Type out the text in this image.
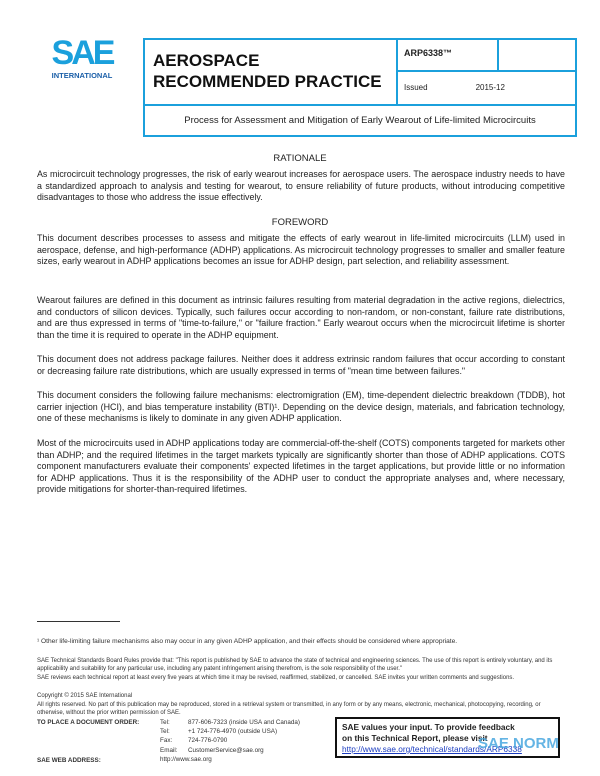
SAE
INTERNATIONAL
AEROSPACE
RECOMMENDED PRACTICE
ARP6338™
Issued	2015-12
Process for Assessment and Mitigation of Early Wearout of Life-limited Microcircuits
RATIONALE
As microcircuit technology progresses, the risk of early wearout increases for aerospace users. The aerospace industry needs to have a standardized approach to analysis and testing for wearout, to ensure reliability of future products, without introducing competitive disadvantages to those who address the issue effectively.
FOREWORD
This document describes processes to assess and mitigate the effects of early wearout in life-limited microcircuits (LLM) used in aerospace, defense, and high-performance (ADHP) applications. As microcircuit technology progresses to smaller and smaller feature sizes, early wearout in ADHP applications becomes an issue for ADHP design, part selection, and reliability assessment.
Wearout failures are defined in this document as intrinsic failures resulting from material degradation in the active regions, dielectrics, and conductors of silicon devices. Typically, such failures occur according to non-random, or non-constant, failure rate distributions, and are thus expressed in terms of "time-to-failure," or "failure fraction." Early wearout occurs when the microcircuit lifetime is shorter than the time it is required to operate in the ADHP equipment.
This document does not address package failures. Neither does it address extrinsic random failures that occur according to constant or decreasing failure rate distributions, which are usually expressed in terms of "mean time between failures."
This document considers the following failure mechanisms: electromigration (EM), time-dependent dielectric breakdown (TDDB), hot carrier injection (HCI), and bias temperature instability (BTI)¹. Depending on the device design, materials, and fabrication technology, one of these mechanisms is likely to dominate in any given ADHP application.
Most of the microcircuits used in ADHP applications today are commercial-off-the-shelf (COTS) components targeted for markets other than ADHP; and the required lifetimes in the target markets typically are significantly shorter than those of ADHP applications. COTS component manufacturers evaluate their components' expected lifetimes in the target applications, but provide little or no information for ADHP applications. Thus it is the responsibility of the ADHP user to conduct the appropriate analyses and, where necessary, provide mitigations for shorter-than-required lifetimes.
¹ Other life-limiting failure mechanisms also may occur in any given ADHP application, and their effects should be considered where appropriate.
SAE Technical Standards Board Rules provide that: "This report is published by SAE to advance the state of technical and engineering sciences. The use of this report is entirely voluntary, and its applicability and suitability for any particular use, including any patent infringement arising therefrom, is the sole responsibility of the user."
SAE reviews each technical report at least every five years at which time it may be revised, reaffirmed, stabilized, or cancelled. SAE invites your written comments and suggestions.
Copyright © 2015 SAE International
All rights reserved. No part of this publication may be reproduced, stored in a retrieval system or transmitted, in any form or by any means, electronic, mechanical, photocopying, recording, or otherwise, without the prior written permission of SAE.
TO PLACE A DOCUMENT ORDER:
SAE WEB ADDRESS:
Tel:	877-606-7323 (inside USA and Canada)
Tel:	+1 724-776-4970 (outside USA)
Fax:	724-776-0790
Email: CustomerService@sae.org
http://www.sae.org
SAE values your input. To provide feedback
on this Technical Report, please visit
http://www.sae.org/technical/standards/ARP6338
SAE NORM
